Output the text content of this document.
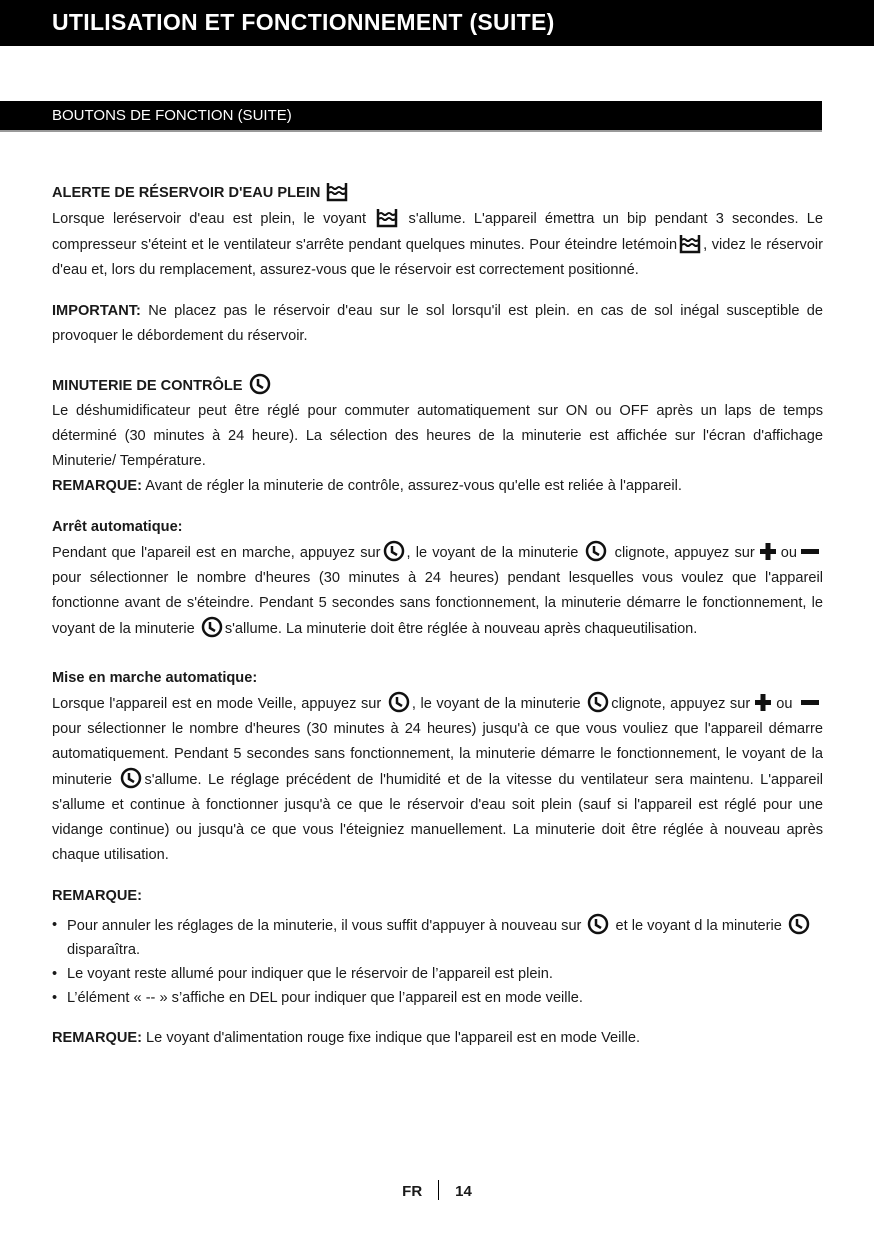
UTILISATION ET FONCTIONNEMENT (SUITE)
BOUTONS DE FONCTION (SUITE)

ALERTE DE RÉSERVOIR D'EAU PLEIN

Lorsque leréservoir d'eau est plein, le voyant	s'allume. L'appareil émettra un bip pendant 3 secondes. Le compresseur s'éteint et le ventilateur s'arrête pendant quelques minutes. Pour éteindre letémoin , videz le réservoir d'eau et, lors du remplacement, assurez-vous que le réservoir est correctement positionné.

IMPORTANT: Ne placez pas le réservoir d'eau sur le sol lorsqu'il est plein. en cas de sol inégal susceptible de provoquer le débordement du réservoir.

MINUTERIE DE CONTRÔLE

Le déshumidificateur peut être réglé pour commuter automatiquement sur ON ou OFF après un laps de temps déterminé (30 minutes à 24 heure). La sélection des heures de la minuterie est affichée sur l'écran d'affichage Minuterie/ Température.

REMARQUE: Avant de régler la minuterie de contrôle, assurez-vous qu'elle est reliée à l'appareil.

Arrêt automatique:

Pendant que l'apareil est en marche, appuyez sur , le voyant de la minuterie clignote, appuyez sur ou
pour sélectionner le nombre d'heures (30 minutes à 24 heures) pendant lesquelles vous voulez que l'appareil fonctionne avant de s'éteindre. Pendant 5 secondes sans fonctionnement, la minuterie démarre le fonctionnement, le voyant de la minuterie s'allume. La minuterie doit être réglée à nouveau après chaqueutilisation.

Mise en marche automatique:

Lorsque l'appareil est en mode Veille, appuyez sur , le voyant de la minuterie clignote, appuyez sur ou
pour sélectionner le nombre d'heures (30 minutes à 24 heures) jusqu'à ce que vous vouliez que l'appareil démarre automatiquement. Pendant 5 secondes sans fonctionnement, la minuterie démarre le fonctionnement, le voyant de la minuterie s'allume. Le réglage précédent de l'humidité et de la vitesse du ventilateur sera maintenu. L'appareil s'allume et continue à fonctionner jusqu'à ce que le réservoir d'eau soit plein (sauf si l'appareil est réglé pour une vidange continue) ou jusqu'à ce que vous l'éteigniez manuellement. La minuterie doit être réglée à nouveau après chaque utilisation.

REMARQUE:

• Pour annuler les réglages de la minuterie, il vous suffit d'appuyer à nouveau sur et le voyant d la minuterie
disparaîtra.
• Le voyant reste allumé pour indiquer que le réservoir de l’appareil est plein.
• L’élément « -- » s’affiche en DEL pour indiquer que l’appareil est en mode veille.

REMARQUE: Le voyant d'alimentation rouge fixe indique que l'appareil est en mode Veille.

FR 14
